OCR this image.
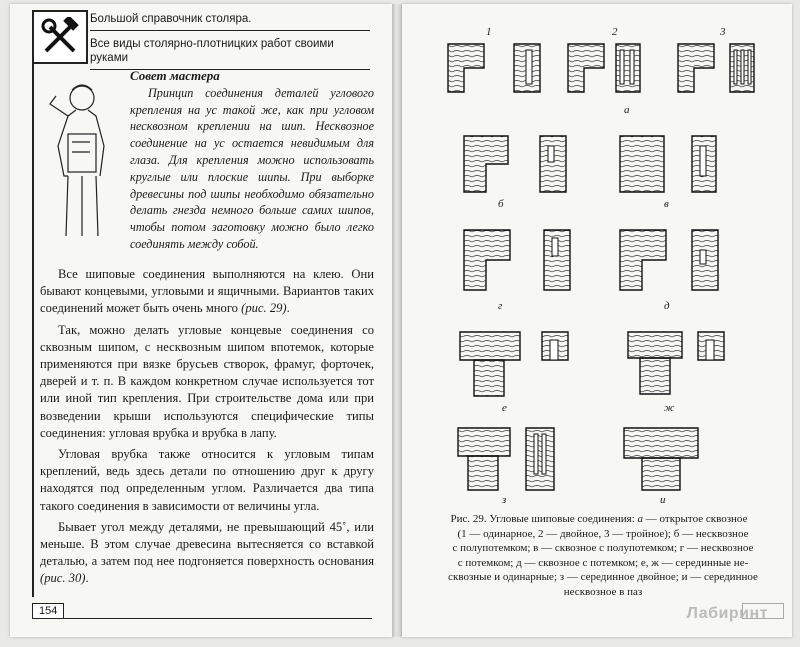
Большой справочник столяра.
Все виды столярно-плотницких работ своими руками
Совет мастера

Принцип соединения деталей углового крепления на ус такой же, как при угловом несквозном креплении на шип. Несквозное соединение на ус остается невидимым для глаза. Для крепления можно использовать круглые или плоские шипы. При выборке древесины под шипы необходимо обязательно делать гнезда немного больше самих шипов, чтобы потом заготовку можно было легко соединять между собой.

Все шиповые соединения выполняются на клею. Они бывают концевыми, угловыми и ящичными. Вариантов таких соединений может быть очень много (рис. 29).

Так, можно делать угловые концевые соединения со сквозным шипом, с несквозным шипом впотемок, которые применяются при вязке брусьев створок, фрамуг, форточек, дверей и т. п. В каждом конкретном случае используется тот или иной тип крепления. При строительстве дома или при возведении крыши используются специфические типы соединения: угловая врубка и врубка в лапу.

Угловая врубка также относится к угловым типам креплений, ведь здесь детали по отношению друг к другу находятся под определенным углом. Различается два типа такого соединения в зависимости от величины угла.

Бывает угол между деталями, не превышающий 45˚, или меньше. В этом случае древесина вытесняется со вставкой деталью, а затем под нее подгоняется поверхность основания (рис. 30).

154
1	2	3
а
б	в
г	д
е	ж
з	и
Рис. 29. Угловые шиповые соединения: а — открытое сквозное
(1 — одинарное, 2 — двойное, 3 — тройное); б — несквозное
с полупотемком; в — сквозное с полупотемком; г — несквозное
с потемком; д — сквозное с потемком; е, ж — серединные не-
сквозные и одинарные; з — серединное двойное; и — серединное
несквозное в паз
Лабиринт
